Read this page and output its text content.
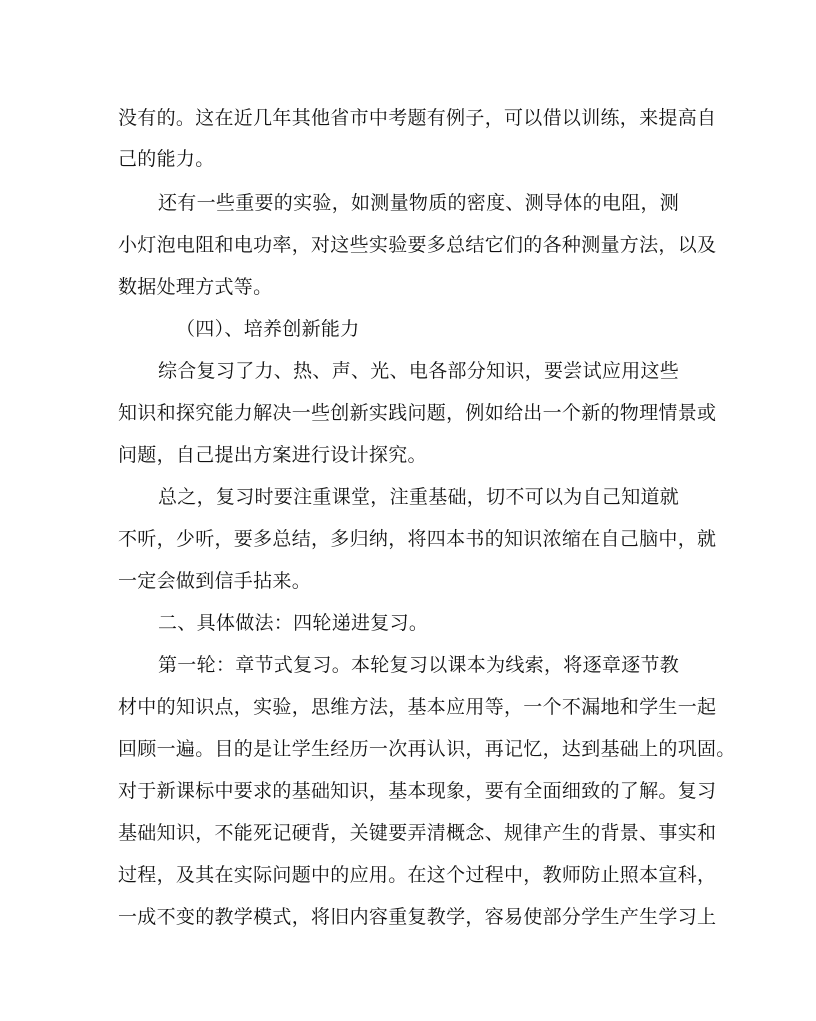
没有的。这在近几年其他省市中考题有例子，可以借以训练，来提高自
己的能力。
还有一些重要的实验，如测量物质的密度、测导体的电阻，测
小灯泡电阻和电功率，对这些实验要多总结它们的各种测量方法，以及
数据处理方式等。
（四）、培养创新能力
综合复习了力、热、声、光、电各部分知识，要尝试应用这些
知识和探究能力解决一些创新实践问题，例如给出一个新的物理情景或
问题，自己提出方案进行设计探究。
总之，复习时要注重课堂，注重基础，切不可以为自己知道就
不听，少听，要多总结，多归纳，将四本书的知识浓缩在自己脑中，就
一定会做到信手拈来。
二、具体做法：四轮递进复习。
第一轮：章节式复习。本轮复习以课本为线索，将逐章逐节教
材中的知识点，实验，思维方法，基本应用等，一个不漏地和学生一起
回顾一遍。目的是让学生经历一次再认识，再记忆，达到基础上的巩固。
对于新课标中要求的基础知识，基本现象，要有全面细致的了解。复习
基础知识，不能死记硬背，关键要弄清概念、规律产生的背景、事实和
过程，及其在实际问题中的应用。在这个过程中，教师防止照本宣科，
一成不变的教学模式，将旧内容重复教学，容易使部分学生产生学习上
